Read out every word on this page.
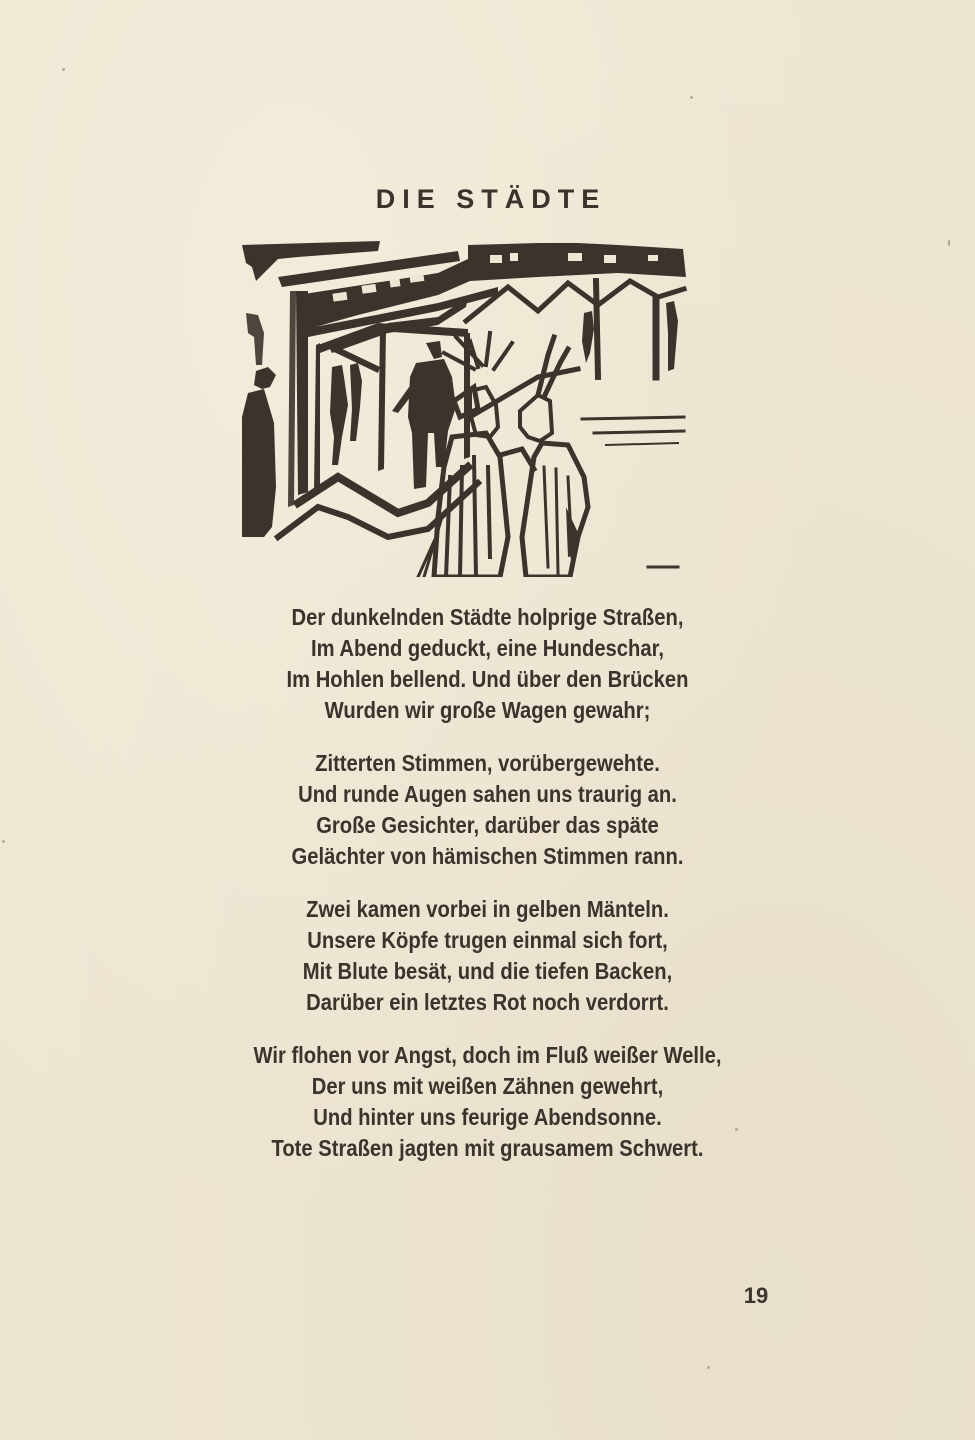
DIE STÄDTE
Der dunkelnden Städte holprige Straßen,
Im Abend geduckt, eine Hundeschar,
Im Hohlen bellend. Und über den Brücken
Wurden wir große Wagen gewahr;
Zitterten Stimmen, vorübergewehte.
Und runde Augen sahen uns traurig an.
Große Gesichter, darüber das späte
Gelächter von hämischen Stimmen rann.
Zwei kamen vorbei in gelben Mänteln.
Unsere Köpfe trugen einmal sich fort,
Mit Blute besät, und die tiefen Backen,
Darüber ein letztes Rot noch verdorrt.
Wir flohen vor Angst, doch im Fluß weißer Welle,
Der uns mit weißen Zähnen gewehrt,
Und hinter uns feurige Abendsonne.
Tote Straßen jagten mit grausamem Schwert.
19
